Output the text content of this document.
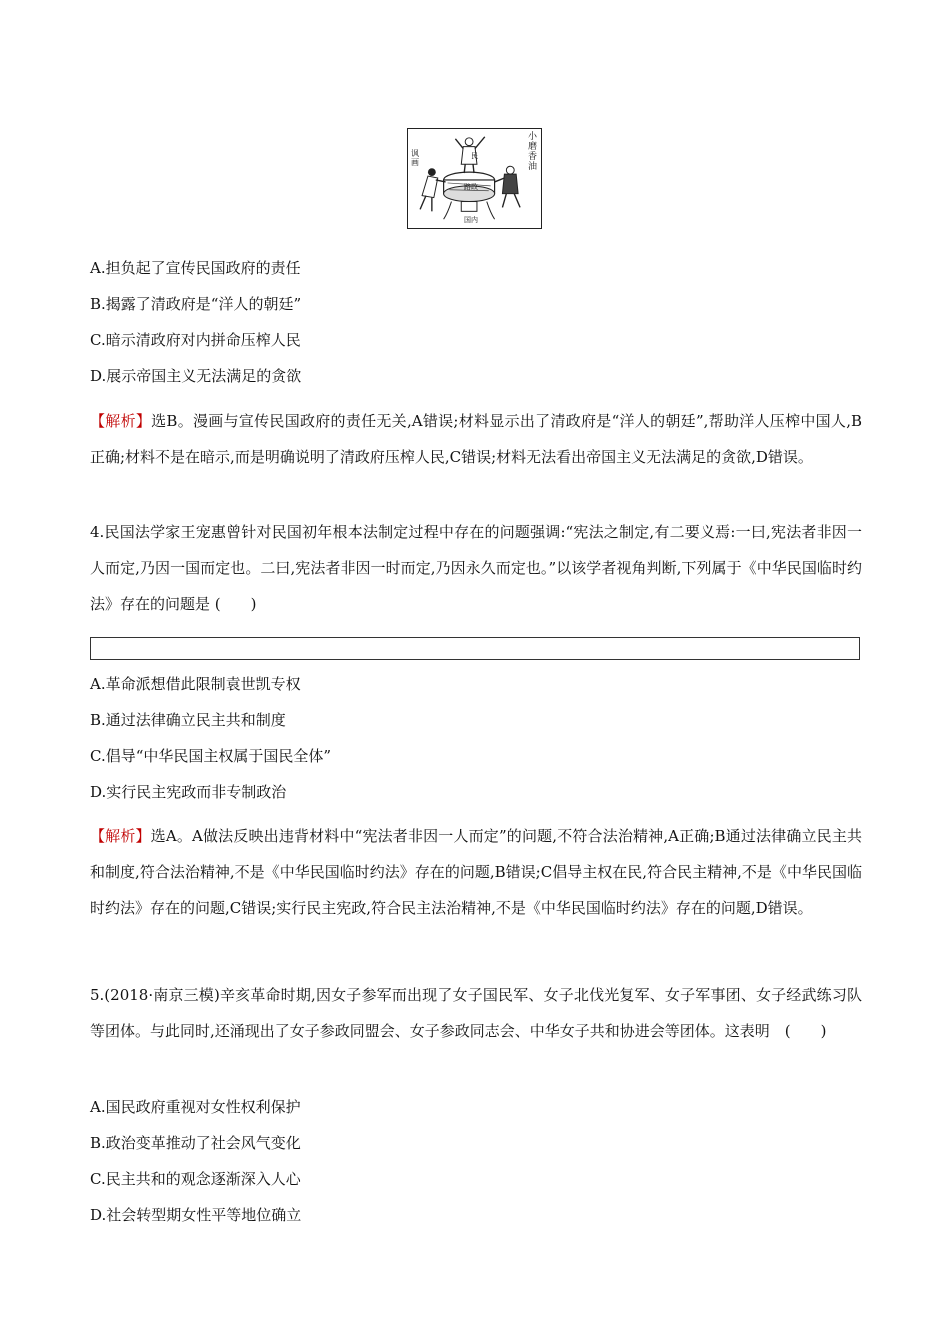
小磨香油
讽画
民
路政
国内
A.担负起了宣传民国政府的责任
B.揭露了清政府是“洋人的朝廷”
C.暗示清政府对内拼命压榨人民
D.展示帝国主义无法满足的贪欲
【解析】选B。漫画与宣传民国政府的责任无关,A错误;材料显示出了清政府是“洋人的朝廷”,帮助洋人压榨中国人,B正确;材料不是在暗示,而是明确说明了清政府压榨人民,C错误;材料无法看出帝国主义无法满足的贪欲,D错误。
4.民国法学家王宠惠曾针对民国初年根本法制定过程中存在的问题强调:“宪法之制定,有二要义焉:一曰,宪法者非因一人而定,乃因一国而定也。二曰,宪法者非因一时而定,乃因永久而定也。”以该学者视角判断,下列属于《中华民国临时约法》存在的问题是 (　　)
A.革命派想借此限制袁世凯专权
B.通过法律确立民主共和制度
C.倡导“中华民国主权属于国民全体”
D.实行民主宪政而非专制政治
【解析】选A。A做法反映出违背材料中“宪法者非因一人而定”的问题,不符合法治精神,A正确;B通过法律确立民主共和制度,符合法治精神,不是《中华民国临时约法》存在的问题,B错误;C倡导主权在民,符合民主精神,不是《中华民国临时约法》存在的问题,C错误;实行民主宪政,符合民主法治精神,不是《中华民国临时约法》存在的问题,D错误。
5.(2018·南京三模)辛亥革命时期,因女子参军而出现了女子国民军、女子北伐光复军、女子军事团、女子经武练习队等团体。与此同时,还涌现出了女子参政同盟会、女子参政同志会、中华女子共和协进会等团体。这表明　(　　)
A.国民政府重视对女性权利保护
B.政治变革推动了社会风气变化
C.民主共和的观念逐渐深入人心
D.社会转型期女性平等地位确立
